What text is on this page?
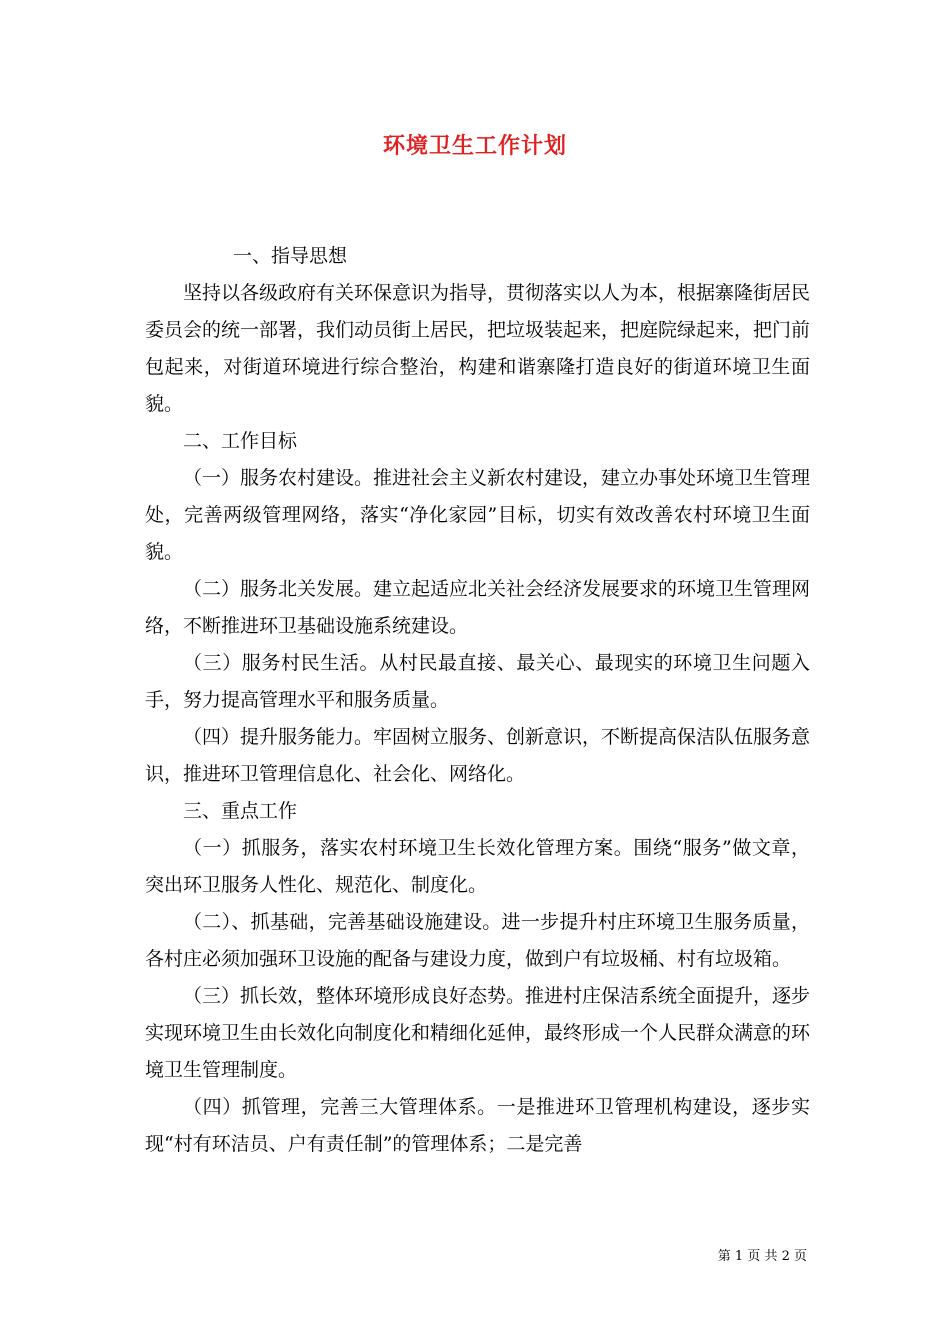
环境卫生工作计划

一、指导思想

坚持以各级政府有关环保意识为指导，贯彻落实以人为本，根据寨隆街居民委员会的统一部署，我们动员街上居民，把垃圾装起来，把庭院绿起来，把门前包起来，对街道环境进行综合整治，构建和谐寨隆打造良好的街道环境卫生面貌。

二、工作目标

（一）服务农村建设。推进社会主义新农村建设，建立办事处环境卫生管理处，完善两级管理网络，落实“净化家园”目标，切实有效改善农村环境卫生面貌。

（二）服务北关发展。建立起适应北关社会经济发展要求的环境卫生管理网络，不断推进环卫基础设施系统建设。

（三）服务村民生活。从村民最直接、最关心、最现实的环境卫生问题入手，努力提高管理水平和服务质量。

（四）提升服务能力。牢固树立服务、创新意识，不断提高保洁队伍服务意识，推进环卫管理信息化、社会化、网络化。

三、重点工作

（一）抓服务，落实农村环境卫生长效化管理方案。围绕“服务”做文章，突出环卫服务人性化、规范化、制度化。

（二）、抓基础，完善基础设施建设。进一步提升村庄环境卫生服务质量，各村庄必须加强环卫设施的配备与建设力度，做到户有垃圾桶、村有垃圾箱。

（三）抓长效，整体环境形成良好态势。推进村庄保洁系统全面提升，逐步实现环境卫生由长效化向制度化和精细化延伸，最终形成一个人民群众满意的环境卫生管理制度。

（四）抓管理，完善三大管理体系。一是推进环卫管理机构建设，逐步实现“村有环洁员、户有责任制”的管理体系；二是完善

第 1 页 共 2 页
